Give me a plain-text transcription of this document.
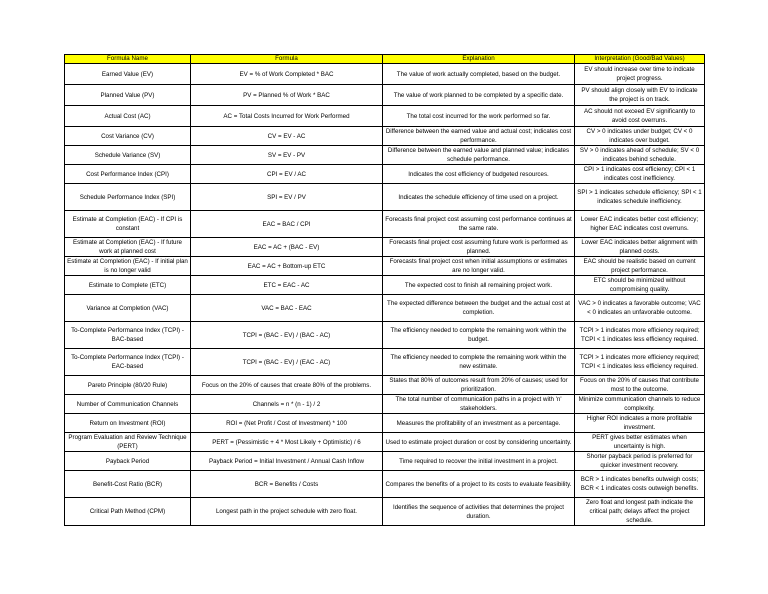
Formula Name	Formula	Explanation	Interpretation (Good/Bad Values)
Earned Value (EV)	EV = % of Work Completed * BAC	The value of work actually completed, based on the budget.	EV should increase over time to indicate project progress.
Planned Value (PV)	PV = Planned % of Work * BAC	The value of work planned to be completed by a specific date.	PV should align closely with EV to indicate the project is on track.
Actual Cost (AC)	AC = Total Costs Incurred for Work Performed	The total cost incurred for the work performed so far.	AC should not exceed EV significantly to avoid cost overruns.
Cost Variance (CV)	CV = EV - AC	Difference between the earned value and actual cost; indicates cost performance.	CV > 0 indicates under budget; CV < 0 indicates over budget.
Schedule Variance (SV)	SV = EV - PV	Difference between the earned value and planned value; indicates schedule performance.	SV > 0 indicates ahead of schedule; SV < 0 indicates behind schedule.
Cost Performance Index (CPI)	CPI = EV / AC	Indicates the cost efficiency of budgeted resources.	CPI > 1 indicates cost efficiency; CPI < 1 indicates cost inefficiency.
Schedule Performance Index (SPI)	SPI = EV / PV	Indicates the schedule efficiency of time used on a project.	SPI > 1 indicates schedule efficiency; SPI < 1 indicates schedule inefficiency.
Estimate at Completion (EAC) - If CPI is constant	EAC = BAC / CPI	Forecasts final project cost assuming cost performance continues at the same rate.	Lower EAC indicates better cost efficiency; higher EAC indicates cost overruns.
Estimate at Completion (EAC) - If future work at planned cost	EAC = AC + (BAC - EV)	Forecasts final project cost assuming future work is performed as planned.	Lower EAC indicates better alignment with planned costs.
Estimate at Completion (EAC) - If initial plan is no longer valid	EAC = AC + Bottom-up ETC	Forecasts final project cost when initial assumptions or estimates are no longer valid.	EAC should be realistic based on current project performance.
Estimate to Complete (ETC)	ETC = EAC - AC	The expected cost to finish all remaining project work.	ETC should be minimized without compromising quality.
Variance at Completion (VAC)	VAC = BAC - EAC	The expected difference between the budget and the actual cost at completion.	VAC > 0 indicates a favorable outcome; VAC < 0 indicates an unfavorable outcome.
To-Complete Performance Index (TCPI) - BAC-based	TCPI = (BAC - EV) / (BAC - AC)	The efficiency needed to complete the remaining work within the budget.	TCPI > 1 indicates more efficiency required; TCPI < 1 indicates less efficiency required.
To-Complete Performance Index (TCPI) - EAC-based	TCPI = (BAC - EV) / (EAC - AC)	The efficiency needed to complete the remaining work within the new estimate.	TCPI > 1 indicates more efficiency required; TCPI < 1 indicates less efficiency required.
Pareto Principle (80/20 Rule)	Focus on the 20% of causes that create 80% of the problems.	States that 80% of outcomes result from 20% of causes; used for prioritization.	Focus on the 20% of causes that contribute most to the outcome.
Number of Communication Channels	Channels = n * (n - 1) / 2	The total number of communication paths in a project with 'n' stakeholders.	Minimize communication channels to reduce complexity.
Return on Investment (ROI)	ROI = (Net Profit / Cost of Investment) * 100	Measures the profitability of an investment as a percentage.	Higher ROI indicates a more profitable investment.
Program Evaluation and Review Technique (PERT)	PERT = (Pessimistic + 4 * Most Likely + Optimistic) / 6	Used to estimate project duration or cost by considering uncertainty.	PERT gives better estimates when uncertainty is high.
Payback Period	Payback Period = Initial Investment / Annual Cash Inflow	Time required to recover the initial investment in a project.	Shorter payback period is preferred for quicker investment recovery.
Benefit-Cost Ratio (BCR)	BCR = Benefits / Costs	Compares the benefits of a project to its costs to evaluate feasibility.	BCR > 1 indicates benefits outweigh costs; BCR < 1 indicates costs outweigh benefits.
Critical Path Method (CPM)	Longest path in the project schedule with zero float.	Identifies the sequence of activities that determines the project duration.	Zero float and longest path indicate the critical path; delays affect the project schedule.
